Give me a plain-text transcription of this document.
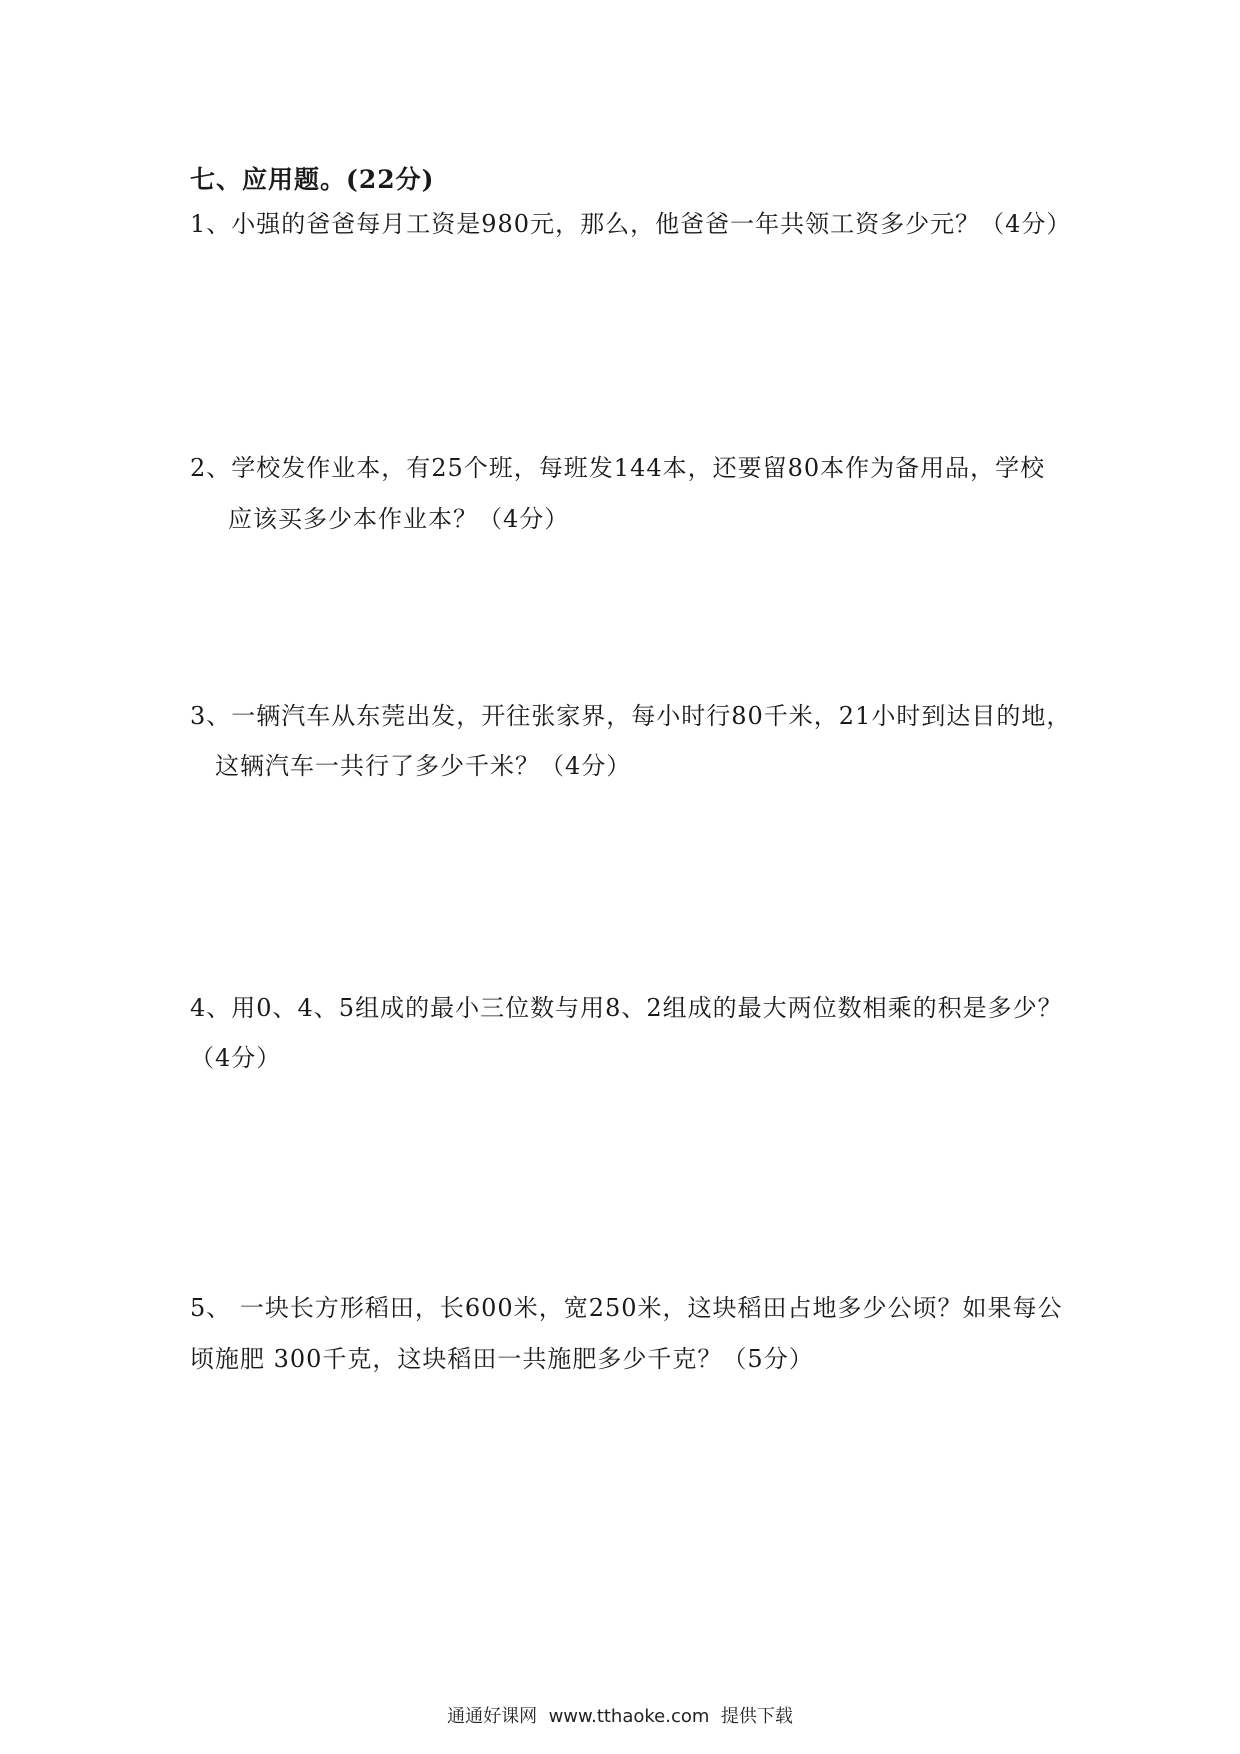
七、应用题。(22分)
1、小强的爸爸每月工资是980元，那么，他爸爸一年共领工资多少元？（4分）
2、学校发作业本，有25个班，每班发144本，还要留80本作为备用品，学校
应该买多少本作业本？（4分）
3、一辆汽车从东莞出发，开往张家界，每小时行80千米，21小时到达目的地，
这辆汽车一共行了多少千米？（4分）
4、用0、4、5组成的最小三位数与用8、2组成的最大两位数相乘的积是多少？
（4分）
5、 一块长方形稻田，长600米，宽250米，这块稻田占地多少公顷？如果每公
顷施肥 300千克，这块稻田一共施肥多少千克？（5分）
通通好课网  www.tthaoke.com  提供下载
